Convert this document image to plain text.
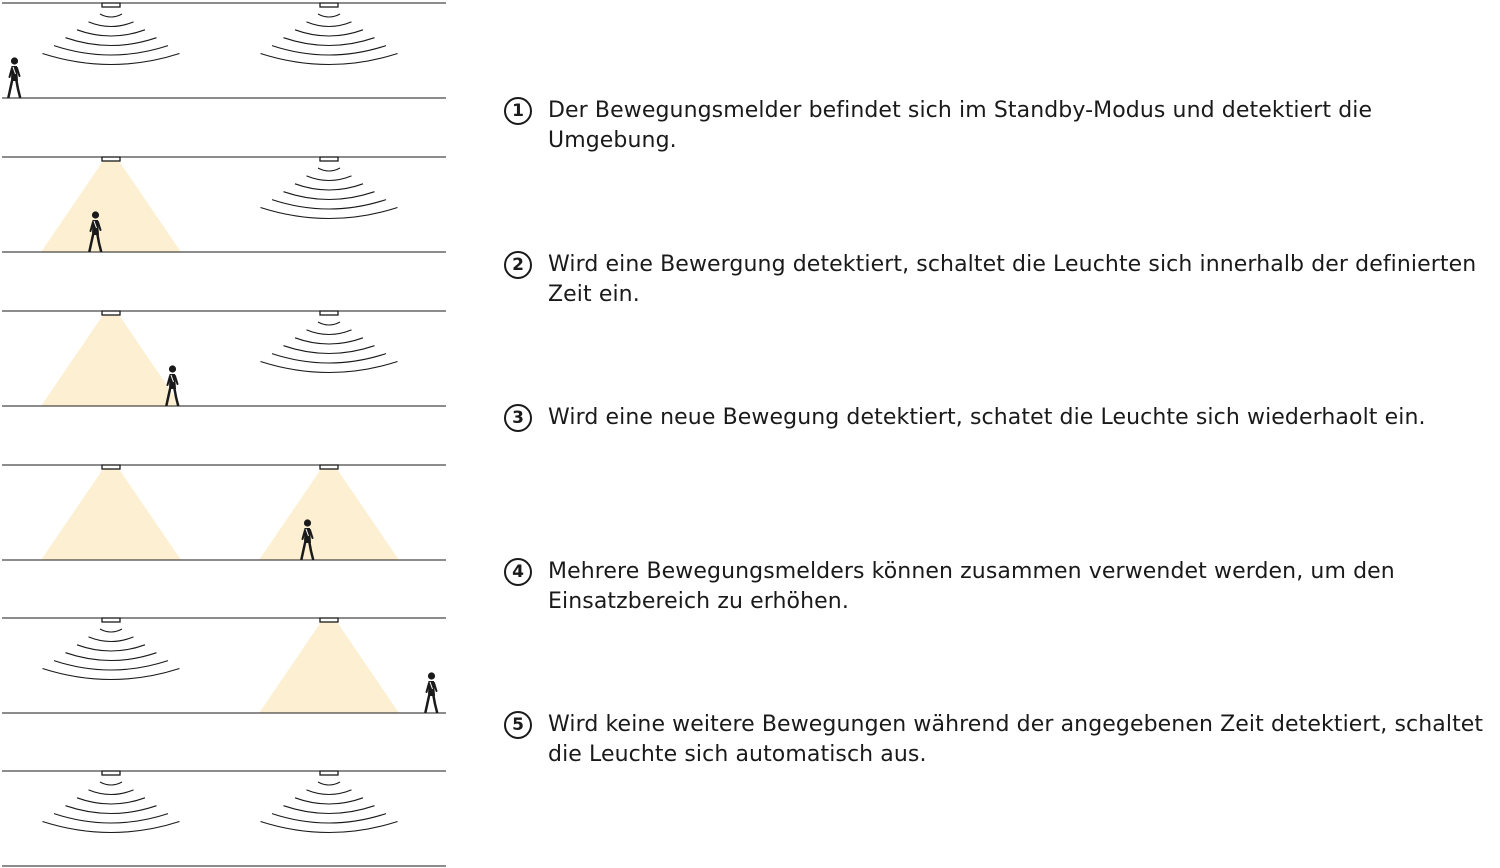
1	Der Bewegungsmelder befindet sich im Standby-Modus und detektiert die Umgebung.
2	Wird eine Bewergung detektiert, schaltet die Leuchte sich innerhalb der definierten Zeit ein.
3	Wird eine neue Bewegung detektiert, schatet die Leuchte sich wiederhaolt ein.
4	Mehrere Bewegungsmelders können zusammen verwendet werden, um den Einsatzbereich zu erhöhen.
5	Wird keine weitere Bewegungen während der angegebenen Zeit detektiert, schaltet die Leuchte sich automatisch aus.
